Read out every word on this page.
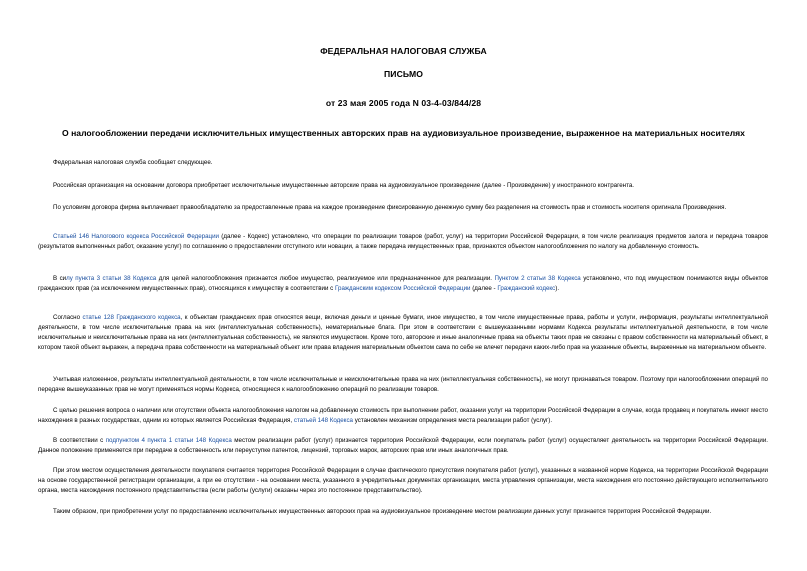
ФЕДЕРАЛЬНАЯ НАЛОГОВАЯ СЛУЖБА
ПИСЬМО
от 23 мая 2005 года N 03-4-03/844/28
О налогообложении передачи исключительных имущественных авторских прав на аудиовизуальное произведение, выраженное на материальных носителях
Федеральная налоговая служба сообщает следующее.
Российская организация на основании договора приобретает исключительные имущественные авторские права на аудиовизуальное произведение (далее - Произведение) у иностранного контрагента.
По условиям договора фирма выплачивает правообладателю за предоставленные права на каждое произведение фиксированную денежную сумму без разделения на стоимость прав и стоимость носителя оригинала Произведения.
Статьей 146 Налогового кодекса Российской Федерации (далее - Кодекс) установлено, что операции по реализации товаров (работ, услуг) на территории Российской Федерации, в том числе реализация предметов залога и передача товаров (результатов выполненных работ, оказание услуг) по соглашению о предоставлении отступного или новации, а также передача имущественных прав, признаются объектом налогообложения по налогу на добавленную стоимость.
В силу пункта 3 статьи 38 Кодекса для целей налогообложения признается любое имущество, реализуемое или предназначенное для реализации. Пунктом 2 статьи 38 Кодекса установлено, что под имуществом понимаются виды объектов гражданских прав (за исключением имущественных прав), относящихся к имуществу в соответствии с Гражданским кодексом Российской Федерации (далее - Гражданский кодекс).
Согласно статье 128 Гражданского кодекса, к объектам гражданских прав относятся вещи, включая деньги и ценные бумаги, иное имущество, в том числе имущественные права, работы и услуги, информация, результаты интеллектуальной деятельности, в том числе исключительные права на них (интеллектуальная собственность), нематериальные блага. При этом в соответствии с вышеуказанными нормами Кодекса результаты интеллектуальной деятельности, в том числе исключительные и неисключительные права на них (интеллектуальная собственность), не являются имуществом. Кроме того, авторские и иные аналогичные права на объекты таких прав не связаны с правом собственности на материальный объект, в котором такой объект выражен, а передача права собственности на материальный объект или права владения материальным объектом сама по себе не влечет передачи каких-либо прав на указанные объекты, выраженные на материальном объекте.
Учитывая изложенное, результаты интеллектуальной деятельности, в том числе исключительные и неисключительные права на них (интеллектуальная собственность), не могут признаваться товаром. Поэтому при налогообложении операций по передаче вышеуказанных прав не могут применяться нормы Кодекса, относящиеся к налогообложению операций по реализации товаров.
С целью решения вопроса о наличии или отсутствии объекта налогообложения налогом на добавленную стоимость при выполнении работ, оказании услуг на территории Российской Федерации в случае, когда продавец и покупатель имеют место нахождения в разных государствах, одним из которых является Российская Федерация, статьей 148 Кодекса установлен механизм определения места реализации работ (услуг).
В соответствии с подпунктом 4 пункта 1 статьи 148 Кодекса местом реализации работ (услуг) признается территория Российской Федерации, если покупатель работ (услуг) осуществляет деятельность на территории Российской Федерации. Данное положение применяется при передаче в собственность или переуступке патентов, лицензий, торговых марок, авторских прав или иных аналогичных прав.
При этом местом осуществления деятельности покупателя считается территория Российской Федерации в случае фактического присутствия покупателя работ (услуг), указанных в названной норме Кодекса, на территории Российской Федерации на основе государственной регистрации организации, а при ее отсутствии - на основании места, указанного в учредительных документах организации, места управления организации, места нахождения его постоянно действующего исполнительного органа, места нахождения постоянного представительства (если работы (услуги) оказаны через это постоянное представительство).
Таким образом, при приобретении услуг по предоставлению исключительных имущественных авторских прав на аудиовизуальное произведение местом реализации данных услуг признается территория Российской Федерации.
